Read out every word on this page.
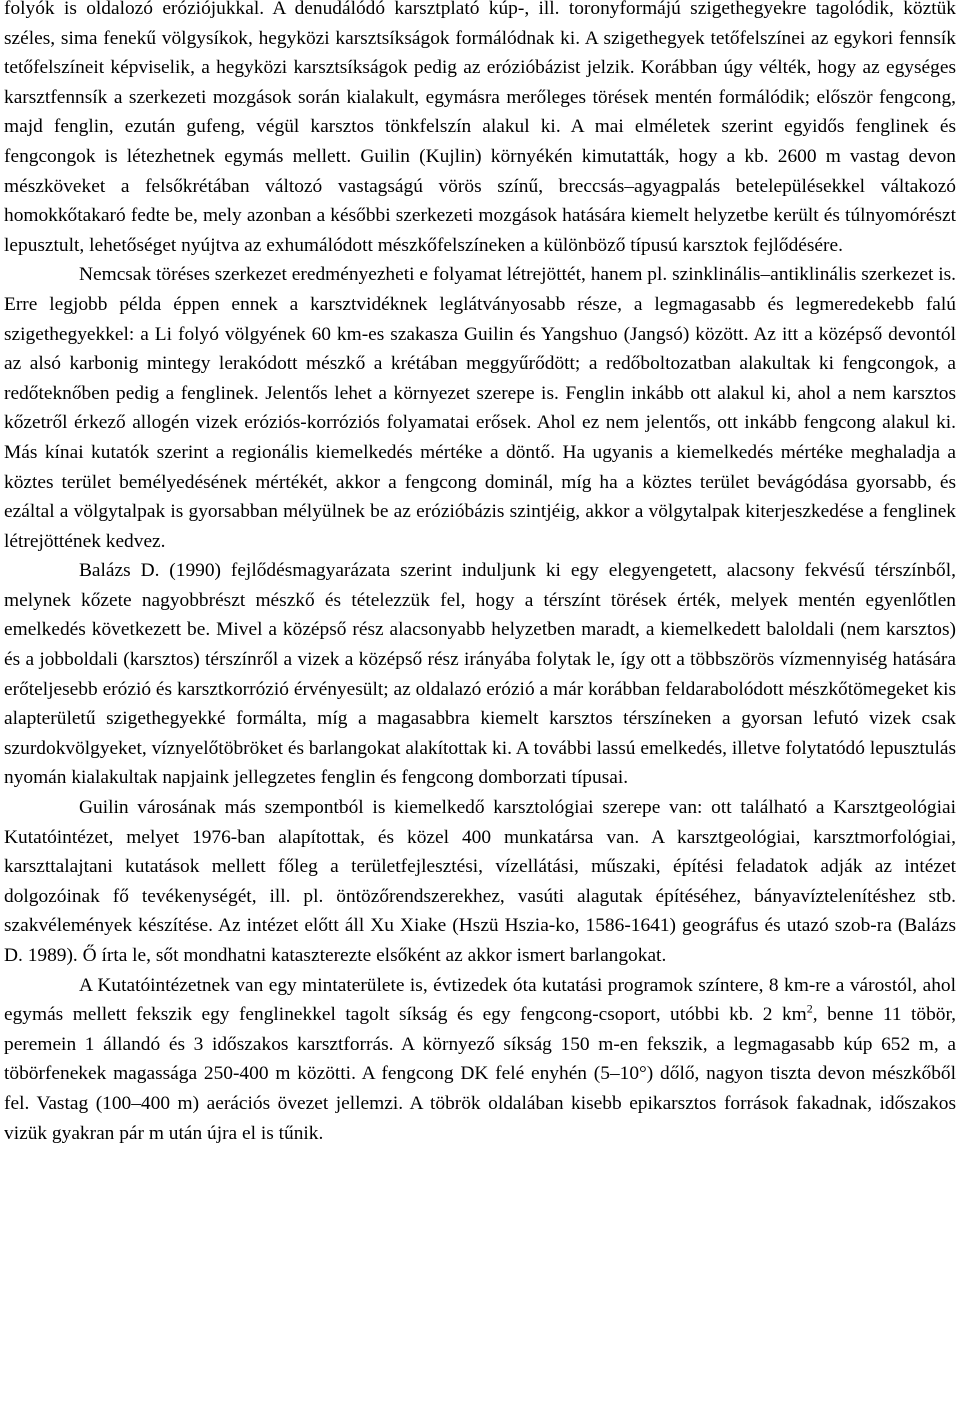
folyók is oldalozó eróziójukkal. A denudálódó karsztplató kúp-, ill. toronyformájú szigethegyekre tagolódik, köztük széles, sima fenekű völgysíkok, hegyközi karsztsíkságok formálódnak ki. A szigethegyek tetőfelszínei az egykori fennsík tetőfelszíneit képviselik, a hegyközi karsztsíkságok pedig az erózióbázist jelzik. Korábban úgy vélték, hogy az egységes karsztfennsík a szerkezeti mozgások során kialakult, egymásra merőleges törések mentén formálódik; először fengcong, majd fenglin, ezután gufeng, végül karsztos tönkfelszín alakul ki. A mai elméletek szerint egyidős fenglinek és fengcongok is létezhetnek egymás mellett. Guilin (Kujlin) környékén kimutatták, hogy a kb. 2600 m vastag devon mészköveket a felsőkrétában változó vastagságú vörös színű, breccsás–agyagpalás betelepülésekkel váltakozó homokkőtakaró fedte be, mely azonban a későbbi szerkezeti mozgások hatására kiemelt helyzetbe került és túlnyomórészt lepusztult, lehetőséget nyújtva az exhumálódott mészkőfelszíneken a különböző típusú karsztok fejlődésére.

Nemcsak töréses szerkezet eredményezheti e folyamat létrejöttét, hanem pl. szinklinális–antiklinális szerkezet is. Erre legjobb példa éppen ennek a karsztvidéknek leglátványosabb része, a legmagasabb és legmeredekebb falú szigethegyekkel: a Li folyó völgyének 60 km-es szakasza Guilin és Yangshuo (Jangsó) között. Az itt a középső devontól az alsó karbonig mintegy lerakódott mészkő a krétában meggyűrődött; a redőboltozatban alakultak ki fengcongok, a redőteknőben pedig a fenglinek. Jelentős lehet a környezet szerepe is. Fenglin inkább ott alakul ki, ahol a nem karsztos kőzetről érkező allogén vizek eróziós-korróziós folyamatai erősek. Ahol ez nem jelentős, ott inkább fengcong alakul ki. Más kínai kutatók szerint a regionális kiemelkedés mértéke a döntő. Ha ugyanis a kiemelkedés mértéke meghaladja a köztes terület bemélyedésének mértékét, akkor a fengcong dominál, míg ha a köztes terület bevágódása gyorsabb, és ezáltal a völgytalpak is gyorsabban mélyülnek be az erózióbázis szintjéig, akkor a völgytalpak kiterjeszkedése a fenglinek létrejöttének kedvez.

Balázs D. (1990) fejlődésmagyarázata szerint induljunk ki egy elegyengetett, alacsony fekvésű térszínből, melynek kőzete nagyobbrészt mészkő és tételezzük fel, hogy a térszínt törések érték, melyek mentén egyenlőtlen emelkedés következett be. Mivel a középső rész alacsonyabb helyzetben maradt, a kiemelkedett baloldali (nem karsztos) és a jobboldali (karsztos) térszínről a vizek a középső rész irányába folytak le, így ott a többszörös vízmennyiség hatására erőteljesebb erózió és karsztkorrózió érvényesült; az oldalazó erózió a már korábban feldarabolódott mészkőtömegeket kis alapterületű szigethegyekké formálta, míg a magasabbra kiemelt karsztos térszíneken a gyorsan lefutó vizek csak szurdokvölgyeket, víznyelőtöbröket és barlangokat alakítottak ki. A további lassú emelkedés, illetve folytatódó lepusztulás nyomán kialakultak napjaink jellegzetes fenglin és fengcong domborzati típusai.

Guilin városának más szempontból is kiemelkedő karsztológiai szerepe van: ott található a Karsztgeológiai Kutatóintézet, melyet 1976-ban alapítottak, és közel 400 munkatársa van. A karsztgeológiai, karsztmorfológiai, karszttalajtani kutatások mellett főleg a területfejlesztési, vízellátási, műszaki, építési feladatok adják az intézet dolgozóinak fő tevékenységét, ill. pl. öntözőrendszerekhez, vasúti alagutak építéséhez, bányavíztelenítéshez stb. szakvélemények készítése. Az intézet előtt áll Xu Xiake (Hszü Hszia-ko, 1586-1641) geográfus és utazó szob-ra (Balázs D. 1989). Ő írta le, sőt mondhatni kataszterezte elsőként az akkor ismert barlangokat.

A Kutatóintézetnek van egy mintaterülete is, évtizedek óta kutatási programok színtere, 8 km-re a várostól, ahol egymás mellett fekszik egy fenglinekkel tagolt síkság és egy fengcong-csoport, utóbbi kb. 2 $km^2$, benne 11 töbör, peremein 1 állandó és 3 időszakos karsztforrás. A környező síkság 150 m-en fekszik, a legmagasabb kúp 652 m, a töbörfenekek magassága 250-400 m közötti. A fengcong DK felé enyhén (5–10°) dőlő, nagyon tiszta devon mészkőből fel. Vastag (100–400 m) aerációs övezet jellemzi. A töbrök oldalában kisebb epikarsztos források fakadnak, időszakos vizük gyakran pár m után újra el is tűnik.
